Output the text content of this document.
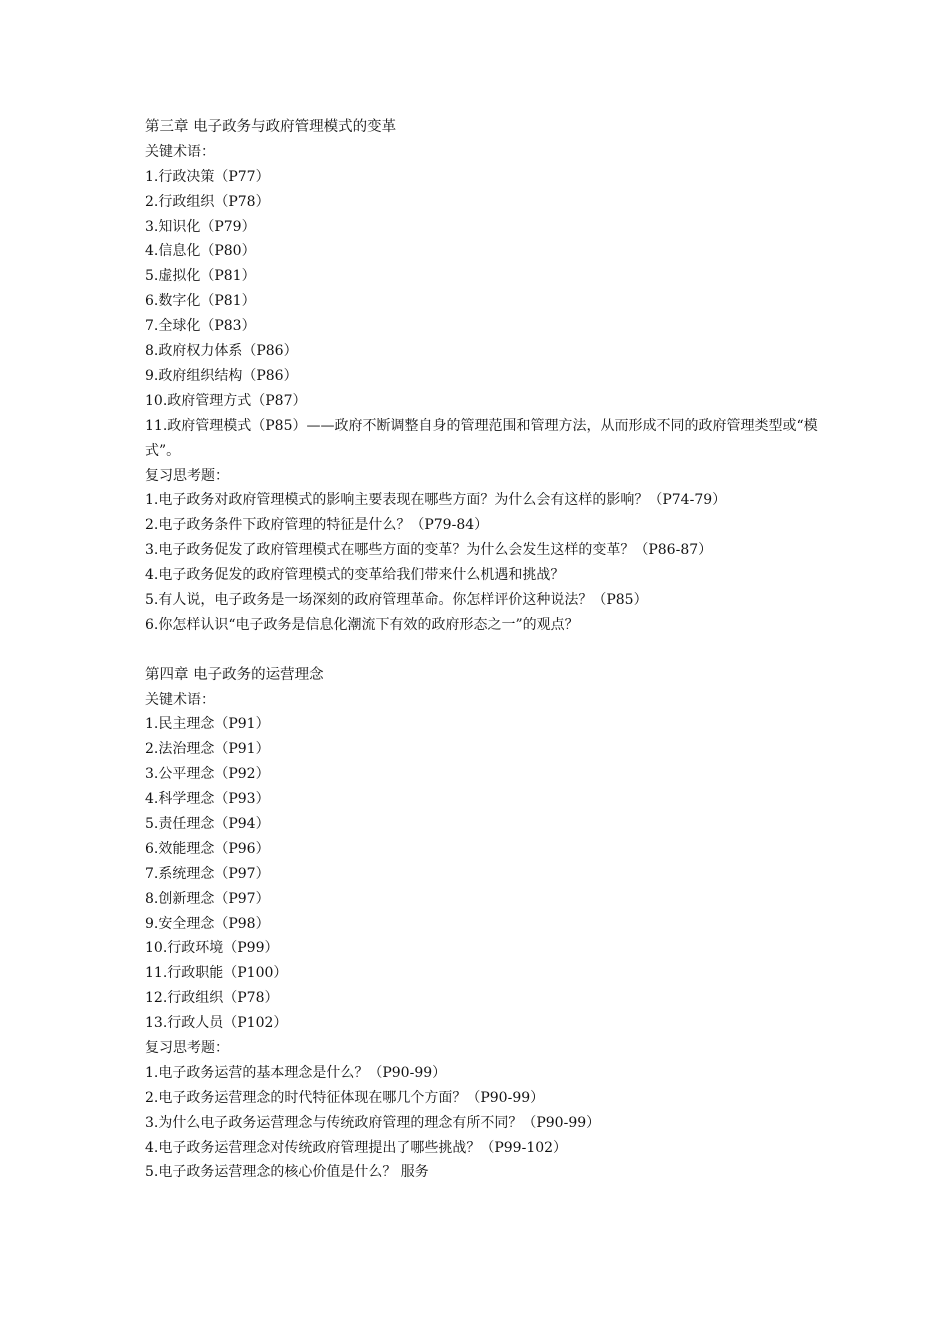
第三章 电子政务与政府管理模式的变革
关键术语：
1.行政决策（P77）
2.行政组织（P78）
3.知识化（P79）
4.信息化（P80）
5.虚拟化（P81）
6.数字化（P81）
7.全球化（P83）
8.政府权力体系（P86）
9.政府组织结构（P86）
10.政府管理方式（P87）
11.政府管理模式（P85）——政府不断调整自身的管理范围和管理方法，从而形成不同的政府管理类型或“模式”。
复习思考题：
1.电子政务对政府管理模式的影响主要表现在哪些方面？为什么会有这样的影响？（P74-79）
2.电子政务条件下政府管理的特征是什么？（P79-84）
3.电子政务促发了政府管理模式在哪些方面的变革？为什么会发生这样的变革？（P86-87）
4.电子政务促发的政府管理模式的变革给我们带来什么机遇和挑战？
5.有人说，电子政务是一场深刻的政府管理革命。你怎样评价这种说法？（P85）
6.你怎样认识“电子政务是信息化潮流下有效的政府形态之一”的观点？
第四章 电子政务的运营理念
关键术语：
1.民主理念（P91）
2.法治理念（P91）
3.公平理念（P92）
4.科学理念（P93）
5.责任理念（P94）
6.效能理念（P96）
7.系统理念（P97）
8.创新理念（P97）
9.安全理念（P98）
10.行政环境（P99）
11.行政职能（P100）
12.行政组织（P78）
13.行政人员（P102）
复习思考题：
1.电子政务运营的基本理念是什么？（P90-99）
2.电子政务运营理念的时代特征体现在哪几个方面？（P90-99）
3.为什么电子政务运营理念与传统政府管理的理念有所不同？（P90-99）
4.电子政务运营理念对传统政府管理提出了哪些挑战？（P99-102）
5.电子政务运营理念的核心价值是什么？ 服务
